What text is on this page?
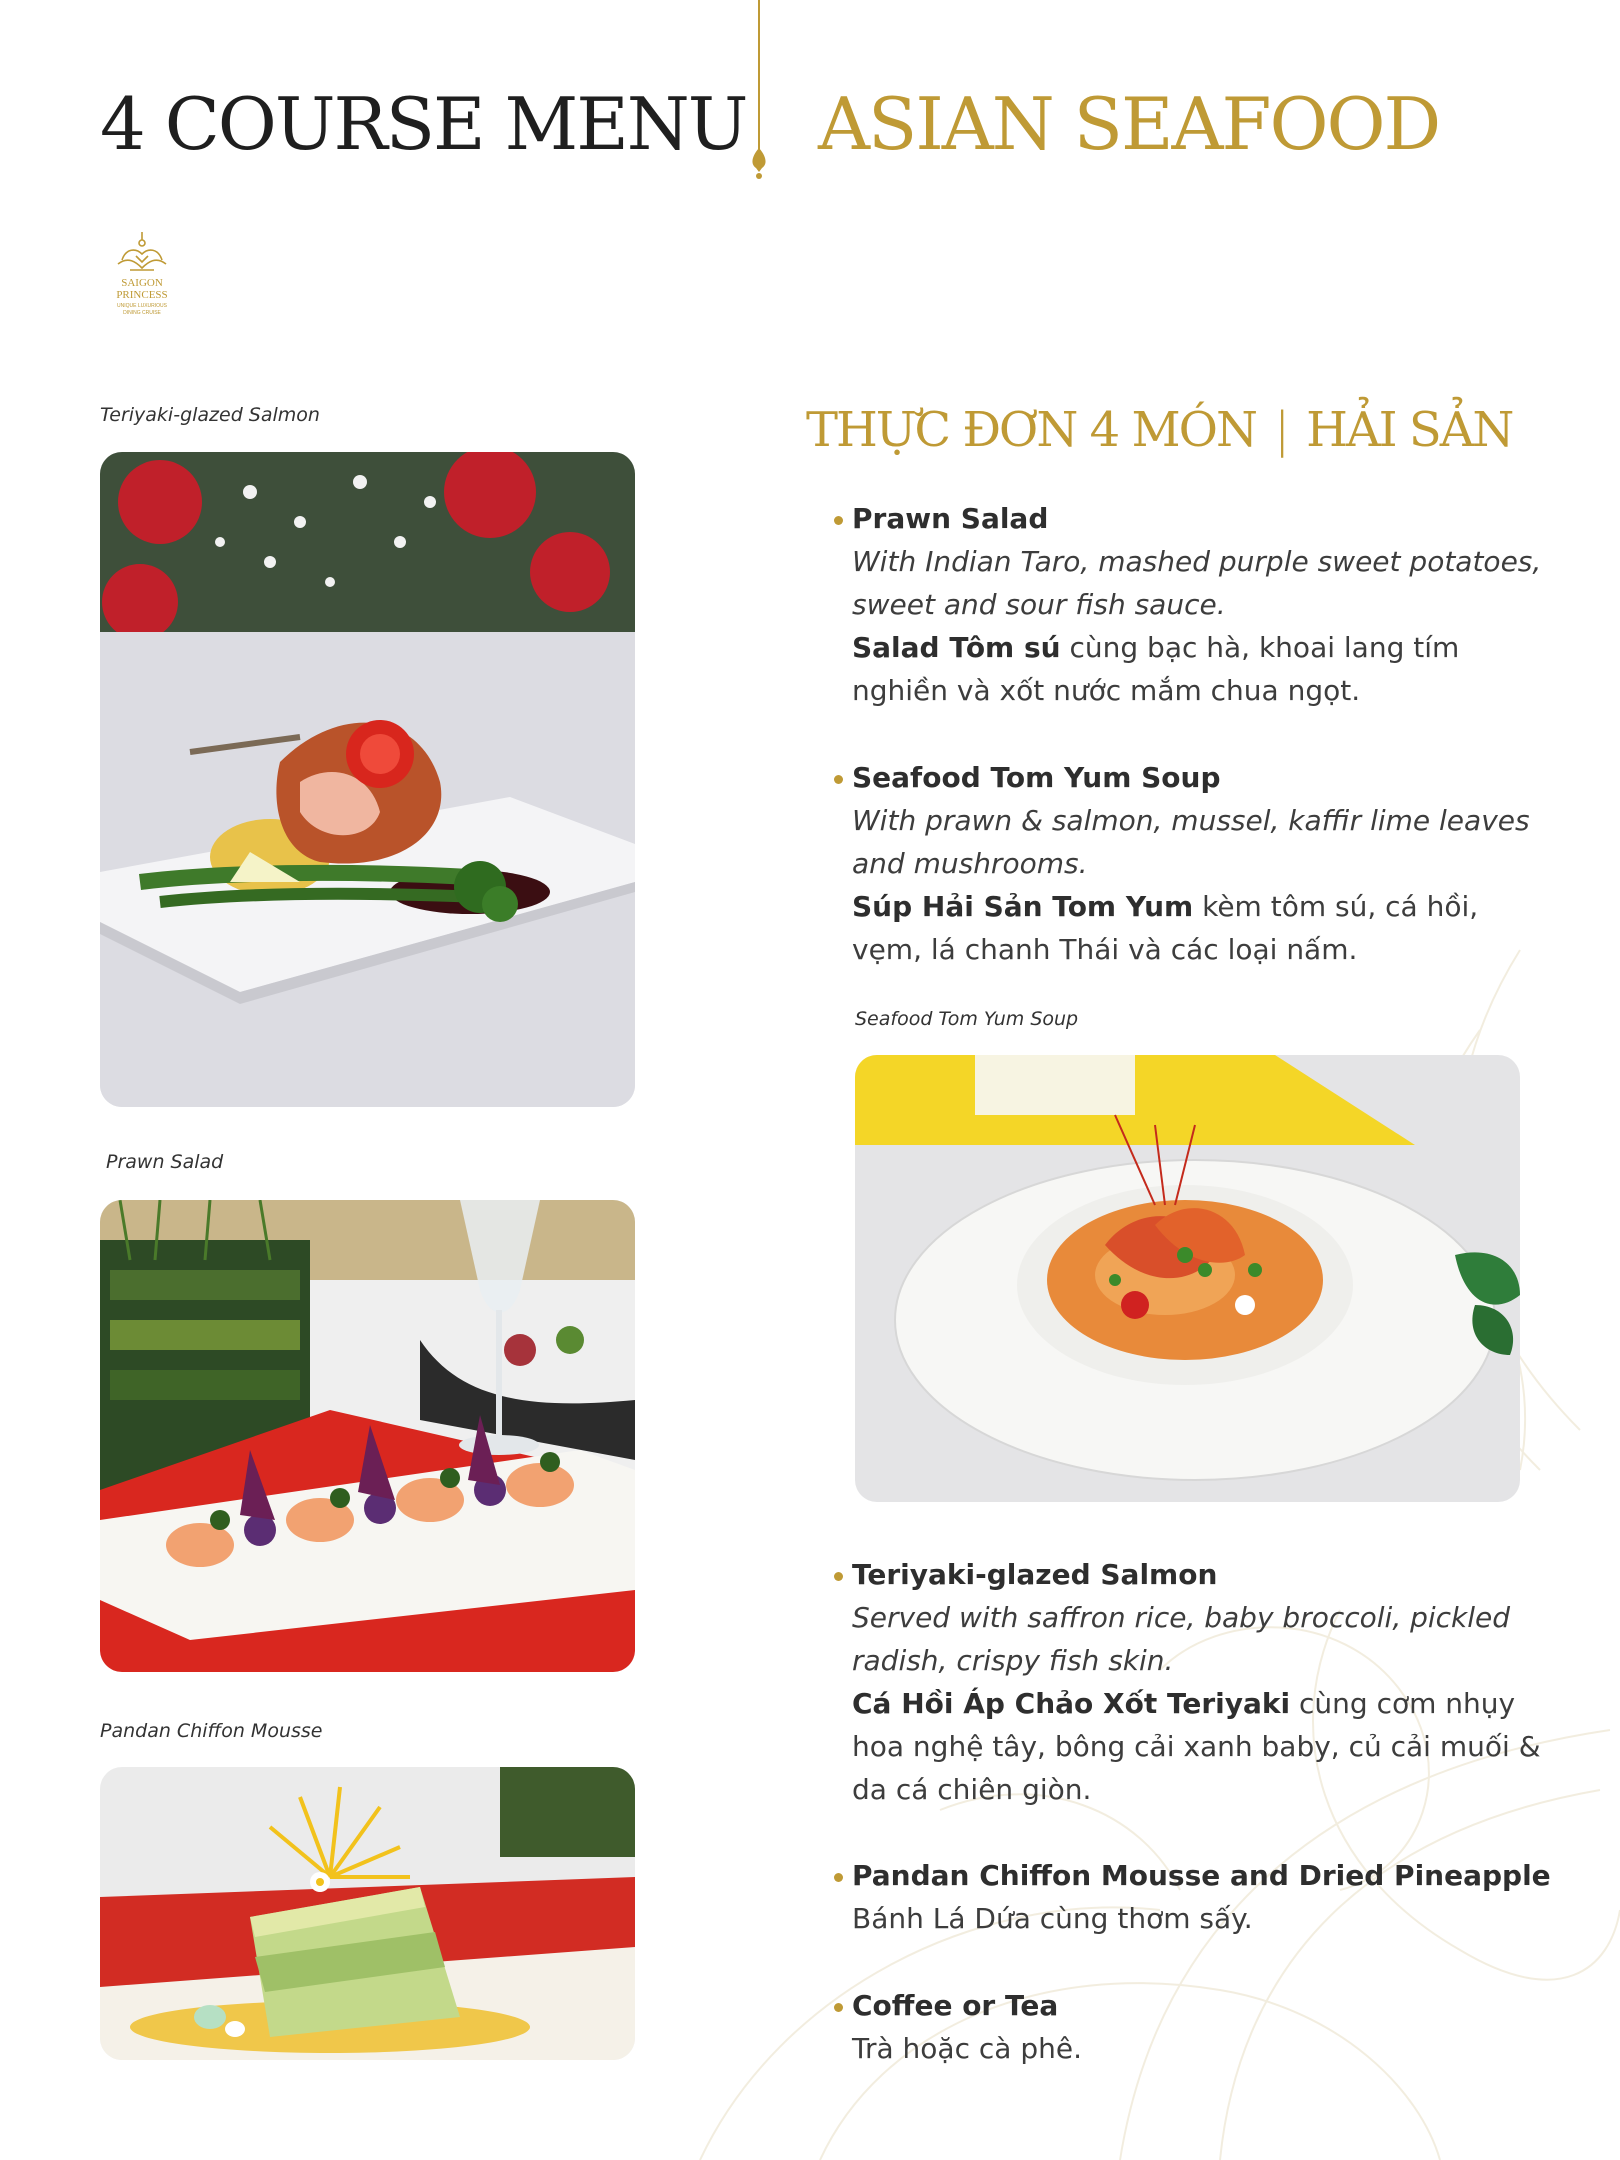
4 COURSE MENU ASIAN SEAFOOD
SAIGON
PRINCESS
UNIQUE LUXURIOUS
DINING CRUISE
Teriyaki-glazed Salmon
Prawn Salad
Pandan Chiffon Mousse
THỰC ĐƠN 4 MÓN | HẢI SẢN
Prawn Salad
With Indian Taro, mashed purple sweet potatoes, sweet and sour fish sauce.
Salad Tôm sú cùng bạc hà, khoai lang tím nghiền và xốt nước mắm chua ngọt.
Seafood Tom Yum Soup
With prawn & salmon, mussel, kaffir lime leaves and mushrooms.
Súp Hải Sản Tom Yum kèm tôm sú, cá hồi, vẹm, lá chanh Thái và các loại nấm.
Seafood Tom Yum Soup
Teriyaki-glazed Salmon
Served with saffron rice, baby broccoli, pickled radish, crispy fish skin.
Cá Hồi Áp Chảo Xốt Teriyaki cùng cơm nhụy hoa nghệ tây, bông cải xanh baby, củ cải muối & da cá chiên giòn.
Pandan Chiffon Mousse and Dried Pineapple
Bánh Lá Dứa cùng thơm sấy.
Coffee or Tea
Trà hoặc cà phê.
